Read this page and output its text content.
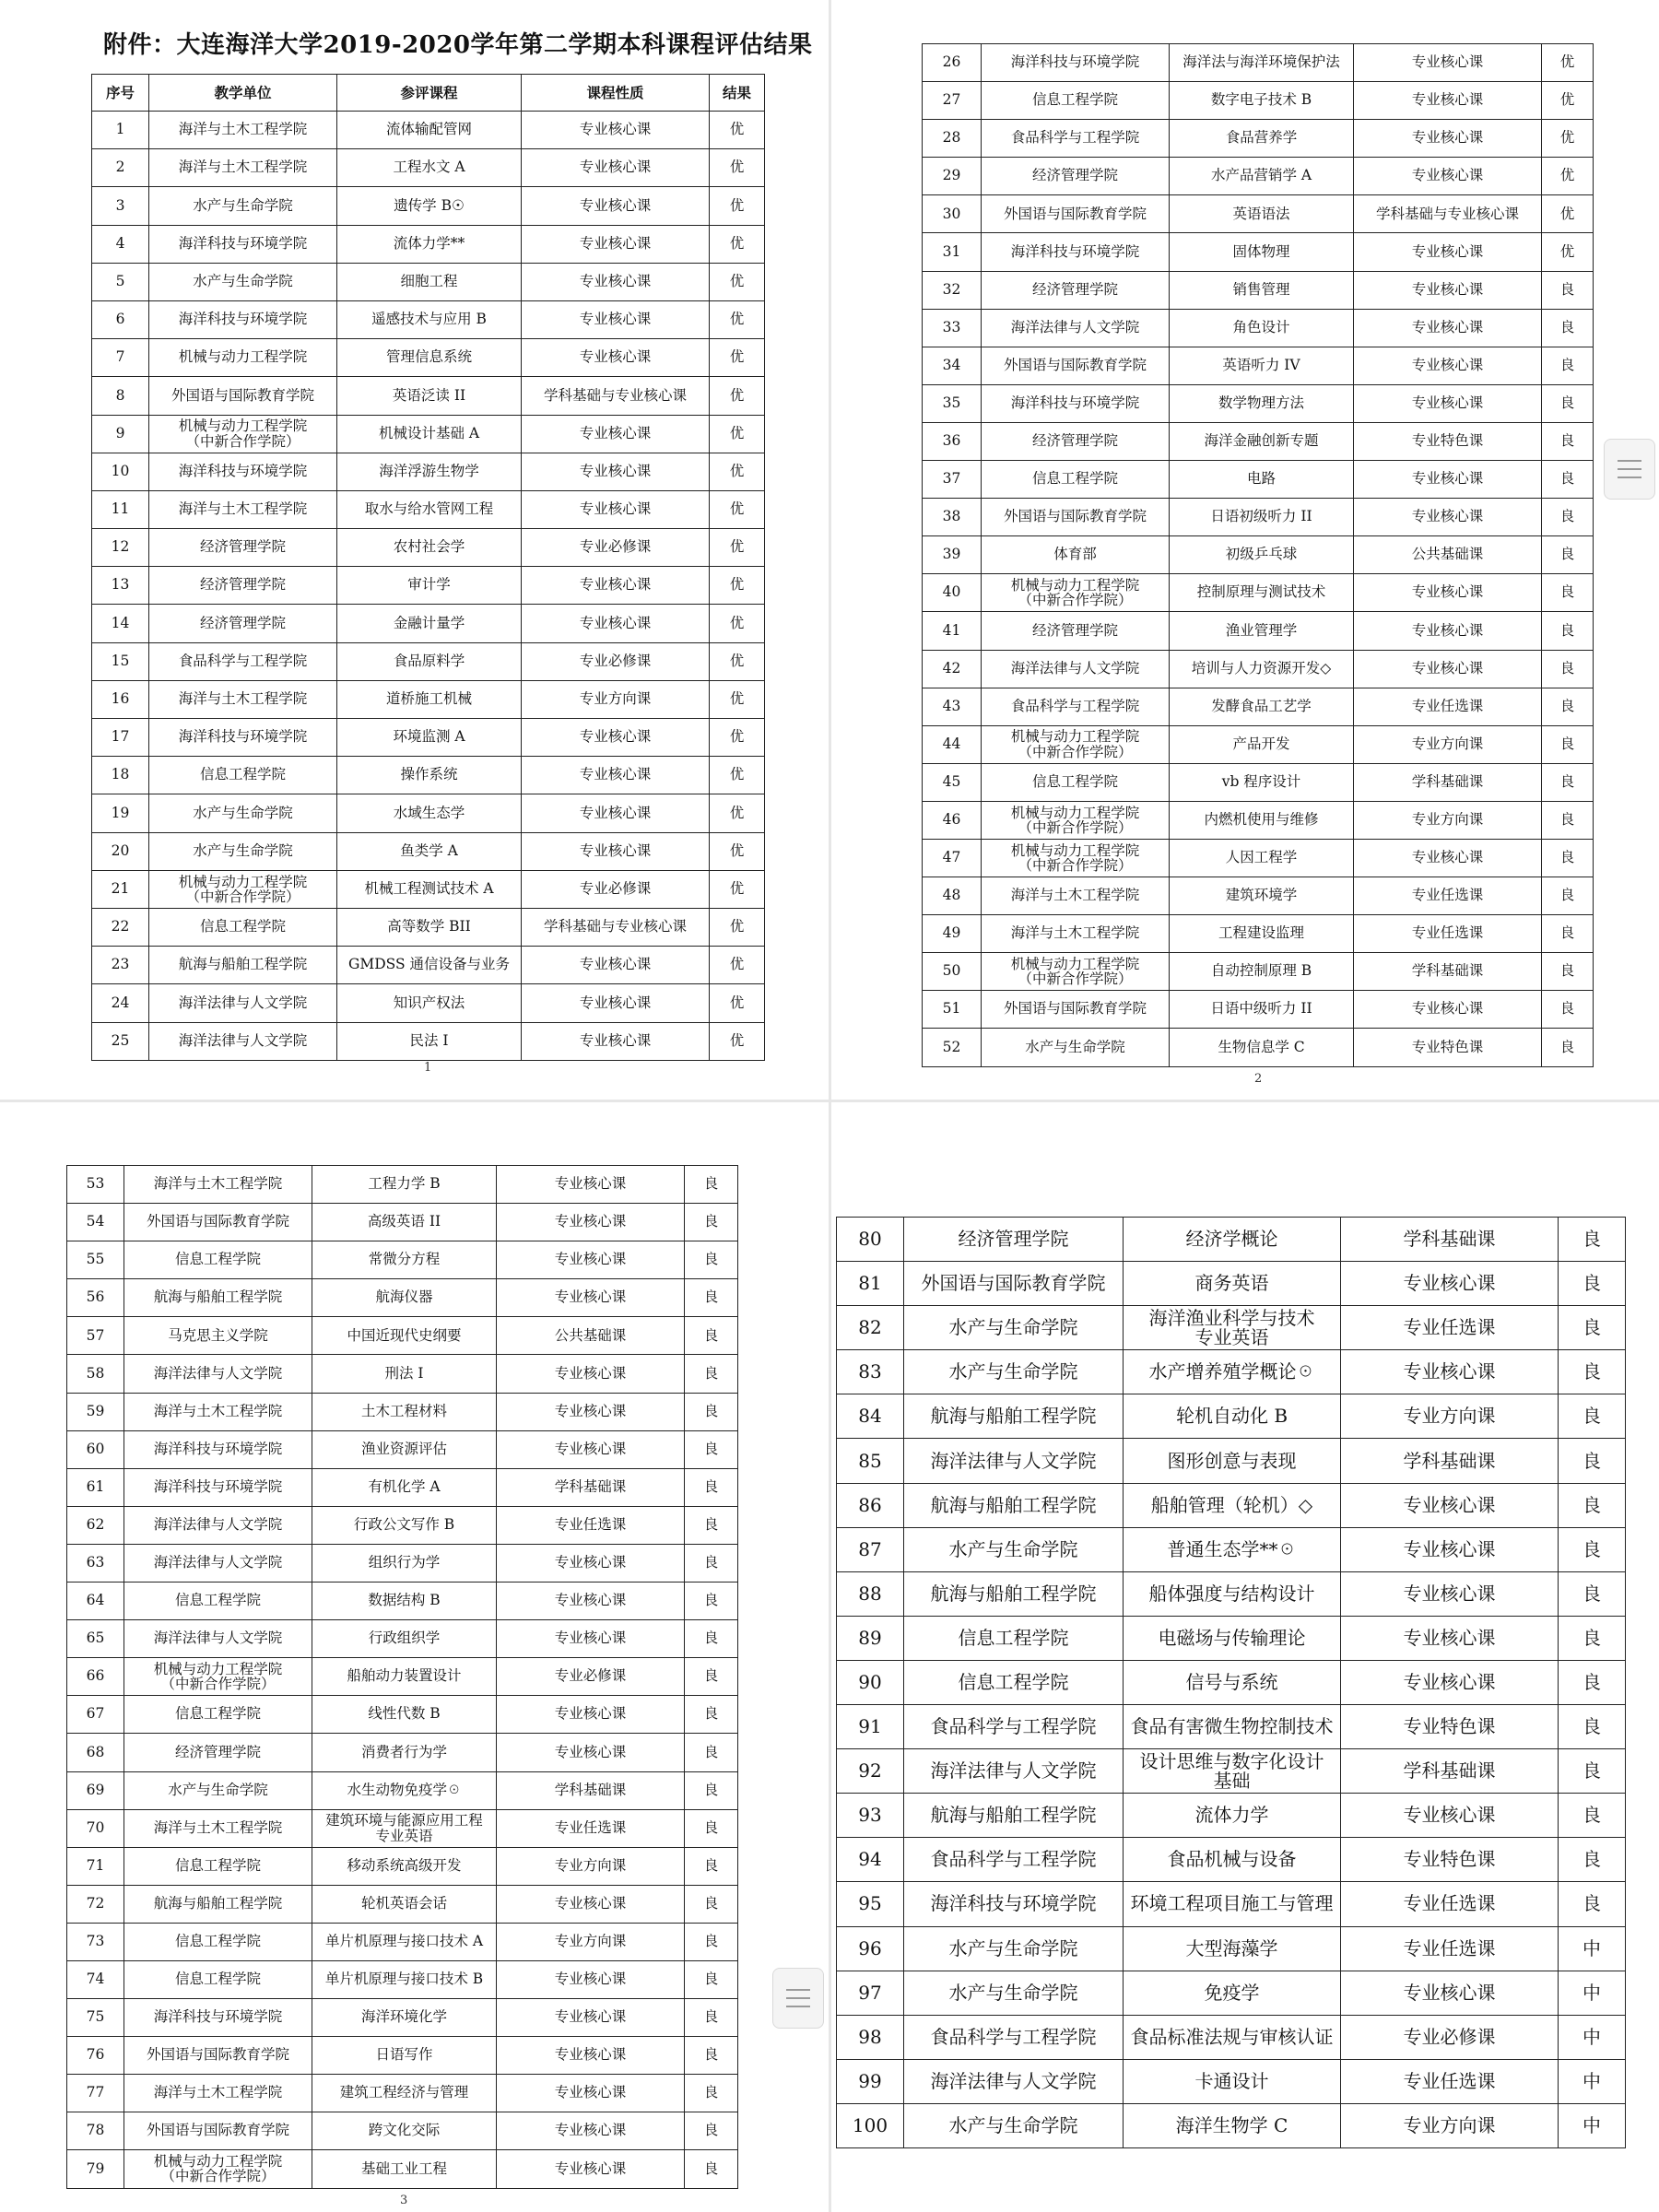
附件：大连海洋大学2019-2020学年第二学期本科课程评估结果
序号	教学单位	参评课程	课程性质	结果
1	海洋与土木工程学院	流体输配管网	专业核心课	优
2	海洋与土木工程学院	工程水文 A	专业核心课	优
3	水产与生命学院	遗传学 B☉	专业核心课	优
4	海洋科技与环境学院	流体力学**	专业核心课	优
5	水产与生命学院	细胞工程	专业核心课	优
6	海洋科技与环境学院	遥感技术与应用 B	专业核心课	优
7	机械与动力工程学院	管理信息系统	专业核心课	优
8	外国语与国际教育学院	英语泛读 II	学科基础与专业核心课	优
9	机械与动力工程学院
（中新合作学院）	机械设计基础 A	专业核心课	优
10	海洋科技与环境学院	海洋浮游生物学	专业核心课	优
11	海洋与土木工程学院	取水与给水管网工程	专业核心课	优
12	经济管理学院	农村社会学	专业必修课	优
13	经济管理学院	审计学	专业核心课	优
14	经济管理学院	金融计量学	专业核心课	优
15	食品科学与工程学院	食品原料学	专业必修课	优
16	海洋与土木工程学院	道桥施工机械	专业方向课	优
17	海洋科技与环境学院	环境监测 A	专业核心课	优
18	信息工程学院	操作系统	专业核心课	优
19	水产与生命学院	水域生态学	专业核心课	优
20	水产与生命学院	鱼类学 A	专业核心课	优
21	机械与动力工程学院
（中新合作学院）	机械工程测试技术 A	专业必修课	优
22	信息工程学院	高等数学 BII	学科基础与专业核心课	优
23	航海与船舶工程学院	GMDSS 通信设备与业务	专业核心课	优
24	海洋法律与人文学院	知识产权法	专业核心课	优
25	海洋法律与人文学院	民法 I	专业核心课	优
1
26	海洋科技与环境学院	海洋法与海洋环境保护法	专业核心课	优
27	信息工程学院	数字电子技术 B	专业核心课	优
28	食品科学与工程学院	食品营养学	专业核心课	优
29	经济管理学院	水产品营销学 A	专业核心课	优
30	外国语与国际教育学院	英语语法	学科基础与专业核心课	优
31	海洋科技与环境学院	固体物理	专业核心课	优
32	经济管理学院	销售管理	专业核心课	良
33	海洋法律与人文学院	角色设计	专业核心课	良
34	外国语与国际教育学院	英语听力 IV	专业核心课	良
35	海洋科技与环境学院	数学物理方法	专业核心课	良
36	经济管理学院	海洋金融创新专题	专业特色课	良
37	信息工程学院	电路	专业核心课	良
38	外国语与国际教育学院	日语初级听力 II	专业核心课	良
39	体育部	初级乒乓球	公共基础课	良
40	机械与动力工程学院
（中新合作学院）	控制原理与测试技术	专业核心课	良
41	经济管理学院	渔业管理学	专业核心课	良
42	海洋法律与人文学院	培训与人力资源开发◇	专业核心课	良
43	食品科学与工程学院	发酵食品工艺学	专业任选课	良
44	机械与动力工程学院
（中新合作学院）	产品开发	专业方向课	良
45	信息工程学院	vb 程序设计	学科基础课	良
46	机械与动力工程学院
（中新合作学院）	内燃机使用与维修	专业方向课	良
47	机械与动力工程学院
（中新合作学院）	人因工程学	专业核心课	良
48	海洋与土木工程学院	建筑环境学	专业任选课	良
49	海洋与土木工程学院	工程建设监理	专业任选课	良
50	机械与动力工程学院
（中新合作学院）	自动控制原理 B	学科基础课	良
51	外国语与国际教育学院	日语中级听力 II	专业核心课	良
52	水产与生命学院	生物信息学 C	专业特色课	良
2
53	海洋与土木工程学院	工程力学 B	专业核心课	良
54	外国语与国际教育学院	高级英语 II	专业核心课	良
55	信息工程学院	常微分方程	专业核心课	良
56	航海与船舶工程学院	航海仪器	专业核心课	良
57	马克思主义学院	中国近现代史纲要	公共基础课	良
58	海洋法律与人文学院	刑法 I	专业核心课	良
59	海洋与土木工程学院	土木工程材料	专业核心课	良
60	海洋科技与环境学院	渔业资源评估	专业核心课	良
61	海洋科技与环境学院	有机化学 A	学科基础课	良
62	海洋法律与人文学院	行政公文写作 B	专业任选课	良
63	海洋法律与人文学院	组织行为学	专业核心课	良
64	信息工程学院	数据结构 B	专业核心课	良
65	海洋法律与人文学院	行政组织学	专业核心课	良
66	机械与动力工程学院
（中新合作学院）	船舶动力装置设计	专业必修课	良
67	信息工程学院	线性代数 B	专业核心课	良
68	经济管理学院	消费者行为学	专业核心课	良
69	水产与生命学院	水生动物免疫学☉	学科基础课	良
70	海洋与土木工程学院	建筑环境与能源应用工程
专业英语	专业任选课	良
71	信息工程学院	移动系统高级开发	专业方向课	良
72	航海与船舶工程学院	轮机英语会话	专业核心课	良
73	信息工程学院	单片机原理与接口技术 A	专业方向课	良
74	信息工程学院	单片机原理与接口技术 B	专业核心课	良
75	海洋科技与环境学院	海洋环境化学	专业核心课	良
76	外国语与国际教育学院	日语写作	专业核心课	良
77	海洋与土木工程学院	建筑工程经济与管理	专业核心课	良
78	外国语与国际教育学院	跨文化交际	专业核心课	良
79	机械与动力工程学院
（中新合作学院）	基础工业工程	专业核心课	良
3
80	经济管理学院	经济学概论	学科基础课	良
81	外国语与国际教育学院	商务英语	专业核心课	良
82	水产与生命学院	海洋渔业科学与技术
专业英语	专业任选课	良
83	水产与生命学院	水产增养殖学概论☉	专业核心课	良
84	航海与船舶工程学院	轮机自动化 B	专业方向课	良
85	海洋法律与人文学院	图形创意与表现	学科基础课	良
86	航海与船舶工程学院	船舶管理（轮机）◇	专业核心课	良
87	水产与生命学院	普通生态学**☉	专业核心课	良
88	航海与船舶工程学院	船体强度与结构设计	专业核心课	良
89	信息工程学院	电磁场与传输理论	专业核心课	良
90	信息工程学院	信号与系统	专业核心课	良
91	食品科学与工程学院	食品有害微生物控制技术	专业特色课	良
92	海洋法律与人文学院	设计思维与数字化设计
基础	学科基础课	良
93	航海与船舶工程学院	流体力学	专业核心课	良
94	食品科学与工程学院	食品机械与设备	专业特色课	良
95	海洋科技与环境学院	环境工程项目施工与管理	专业任选课	良
96	水产与生命学院	大型海藻学	专业任选课	中
97	水产与生命学院	免疫学	专业核心课	中
98	食品科学与工程学院	食品标准法规与审核认证	专业必修课	中
99	海洋法律与人文学院	卡通设计	专业任选课	中
100	水产与生命学院	海洋生物学 C	专业方向课	中
